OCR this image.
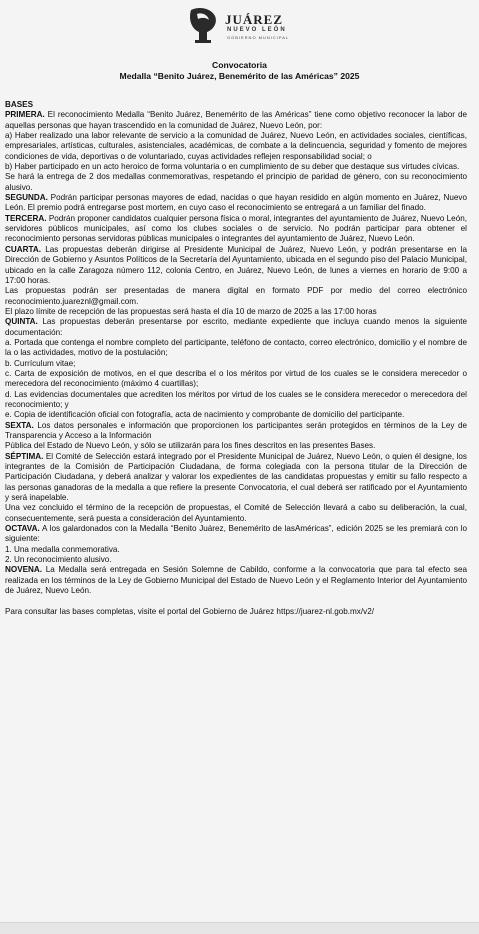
JUÁREZ
NUEVO LEÓN
GOBIERNO MUNICIPAL
Convocatoria
Medalla “Benito Juárez, Benemérito de las Américas” 2025

BASES

PRIMERA. El reconocimiento Medalla “Benito Juárez, Benemérito de las Américas” tiene como objetivo reconocer la labor de aquellas personas que hayan trascendido en la comunidad de Juárez, Nuevo León, por:

a) Haber realizado una labor relevante de servicio a la comunidad de Juárez, Nuevo León, en actividades sociales, científicas, empresariales, artísticas, culturales, asistenciales, académicas, de combate a la delincuencia, seguridad y fomento de mejores condiciones de vida, deportivas o de voluntariado, cuyas actividades reflejen responsabilidad social; o

b) Haber participado en un acto heroico de forma voluntaria o en cumplimiento de su deber que destaque sus virtudes cívicas.

Se hará la entrega de 2 dos medallas conmemorativas, respetando el principio de paridad de género, con su reconocimiento alusivo.

SEGUNDA. Podrán participar personas mayores de edad, nacidas o que hayan residido en algún momento en Juárez, Nuevo León. El premio podrá entregarse post mortem, en cuyo caso el reconocimiento se entregará a un familiar del finado.

TERCERA. Podrán proponer candidatos cualquier persona física o moral, integrantes del ayuntamiento de Juárez, Nuevo León, servidores públicos municipales, así como los clubes sociales o de servicio. No podrán participar para obtener el reconocimiento personas servidoras públicas municipales o integrantes del ayuntamiento de Juárez, Nuevo León.

CUARTA. Las propuestas deberán dirigirse al Presidente Municipal de Juárez, Nuevo León, y podrán presentarse en la Dirección de Gobierno y Asuntos Políticos de la Secretaría del Ayuntamiento, ubicada en el segundo piso del Palacio Municipal, ubicado en la calle Zaragoza número 112, colonia Centro, en Juárez, Nuevo León, de lunes a viernes en horario de 9:00 a 17:00 horas.

Las propuestas podrán ser presentadas de manera digital en formato PDF por medio del correo electrónico reconocimiento.juareznl@gmail.com.

El plazo límite de recepción de las propuestas será hasta el día 10 de marzo de 2025 a las 17:00 horas

QUINTA. Las propuestas deberán presentarse por escrito, mediante expediente que incluya cuando menos la siguiente documentación:

a. Portada que contenga el nombre completo del participante, teléfono de contacto, correo electrónico, domicilio y el nombre de la o las actividades, motivo de la postulación;

b. Currículum vitae;

c. Carta de exposición de motivos, en el que describa el o los méritos por virtud de los cuales se le considera merecedor o merecedora del reconocimiento (máximo 4 cuartillas);

d. Las evidencias documentales que acrediten los méritos por virtud de los cuales se le considera merecedor o merecedora del reconocimiento; y

e. Copia de identificación oficial con fotografía, acta de nacimiento y comprobante de domicilio del participante.

SEXTA. Los datos personales e información que proporcionen los participantes serán protegidos en términos de la Ley de Transparencia y Acceso a la Información

Pública del Estado de Nuevo León, y sólo se utilizarán para los fines descritos en las presentes Bases.

SÉPTIMA. El Comité de Selección estará integrado por el Presidente Municipal de Juárez, Nuevo León, o quien él designe, los integrantes de la Comisión de Participación Ciudadana, de forma colegiada con la persona titular de la Dirección de Participación Ciudadana, y deberá analizar y valorar los expedientes de las candidatas propuestas y emitir su fallo respecto a las personas ganadoras de la medalla a que refiere la presente Convocatoria, el cual deberá ser ratificado por el Ayuntamiento y será inapelable.

Una vez concluido el término de la recepción de propuestas, el Comité de Selección llevará a cabo su deliberación, la cual, consecuentemente, será puesta a consideración del Ayuntamiento.

OCTAVA. A los galardonados con la Medalla “Benito Juárez, Benemérito de lasAméricas”, edición 2025 se les premiará con lo siguiente:

1. Una medalla conmemorativa.

2. Un reconocimiento alusivo.

NOVENA. La Medalla será entregada en Sesión Solemne de Cabildo, conforme a la convocatoria que para tal efecto sea realizada en los términos de la Ley de Gobierno Municipal del Estado de Nuevo León y el Reglamento Interior del Ayuntamiento de Juárez, Nuevo León.

Para consultar las bases completas, visite el portal del Gobierno de Juárez https://juarez-nl.gob.mx/v2/
